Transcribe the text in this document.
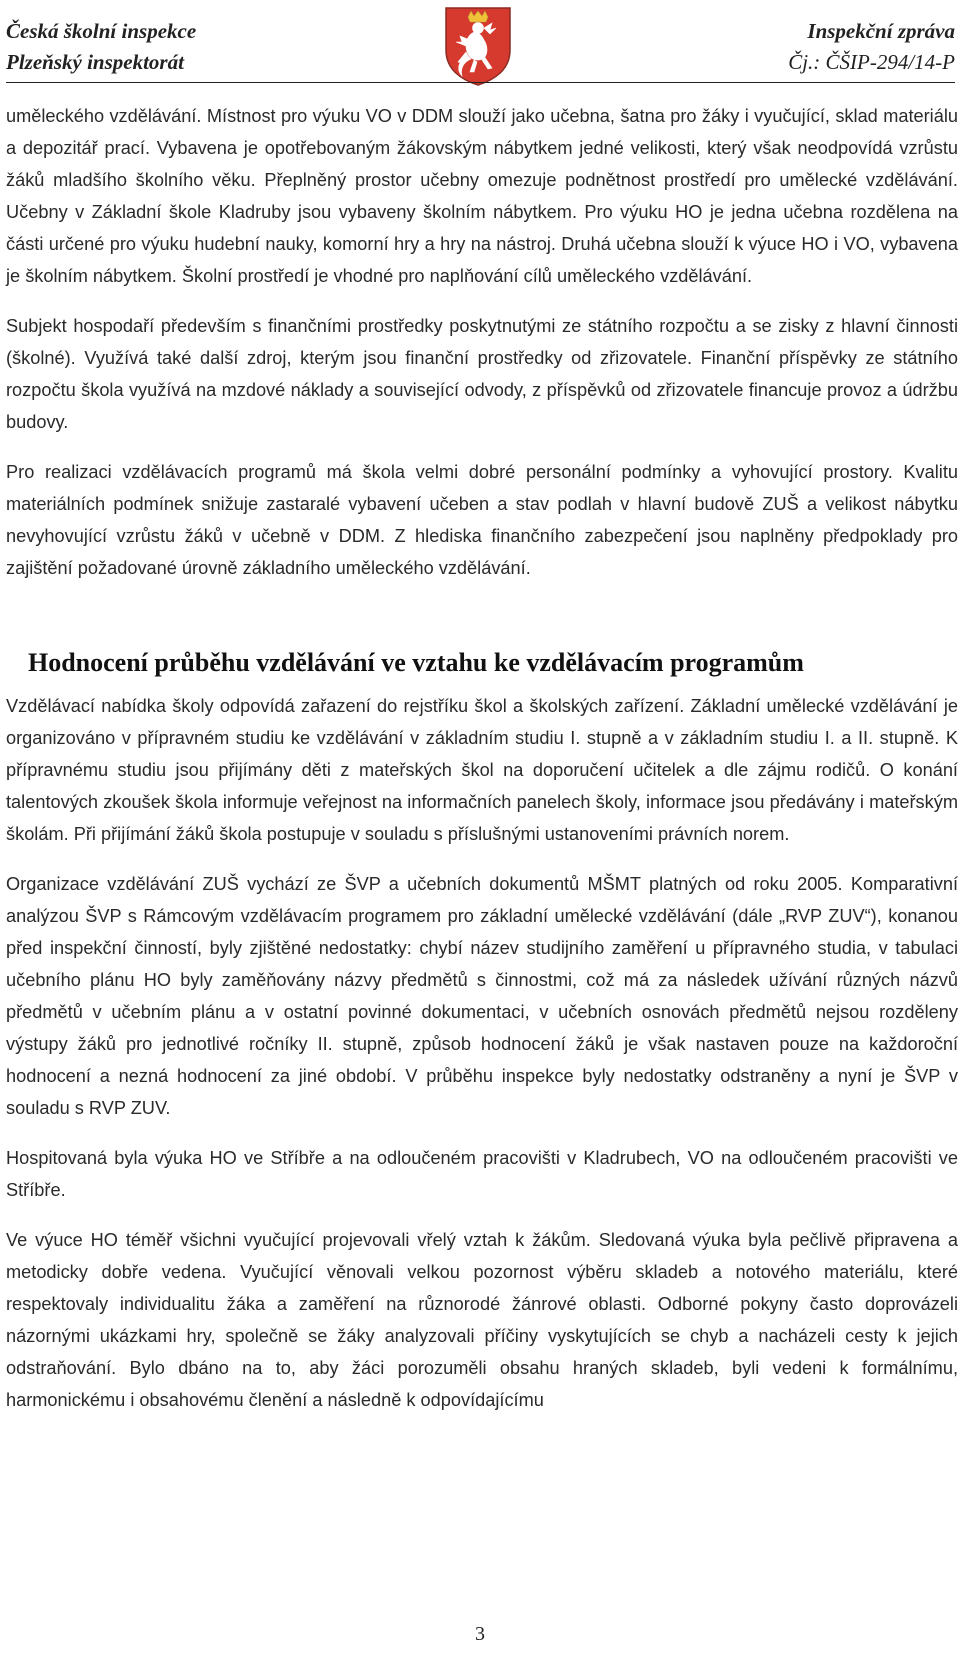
Česká školní inspekce
Plzeňský inspektorát
Inspekční zpráva
Čj.: ČŠIP-294/14-P

uměleckého vzdělávání. Místnost pro výuku VO v DDM slouží jako učebna, šatna pro žáky i vyučující, sklad materiálu a depozitář prací. Vybavena je opotřebovaným žákovským nábytkem jedné velikosti, který však neodpovídá vzrůstu žáků mladšího školního věku. Přeplněný prostor učebny omezuje podnětnost prostředí pro umělecké vzdělávání. Učebny v Základní škole Kladruby jsou vybaveny školním nábytkem. Pro výuku HO je jedna učebna rozdělena na části určené pro výuku hudební nauky, komorní hry a hry na nástroj. Druhá učebna slouží k výuce HO i VO, vybavena je školním nábytkem. Školní prostředí je vhodné pro naplňování cílů uměleckého vzdělávání.

Subjekt hospodaří především s finančními prostředky poskytnutými ze státního rozpočtu a se zisky z hlavní činnosti (školné). Využívá také další zdroj, kterým jsou finanční prostředky od zřizovatele. Finanční příspěvky ze státního rozpočtu škola využívá na mzdové náklady a související odvody, z příspěvků od zřizovatele financuje provoz a údržbu budovy.

Pro realizaci vzdělávacích programů má škola velmi dobré personální podmínky a vyhovující prostory. Kvalitu materiálních podmínek snižuje zastaralé vybavení učeben a stav podlah v hlavní budově ZUŠ a velikost nábytku nevyhovující vzrůstu žáků v učebně v DDM. Z hlediska finančního zabezpečení jsou naplněny předpoklady pro zajištění požadované úrovně základního uměleckého vzdělávání.

Hodnocení průběhu vzdělávání ve vztahu ke vzdělávacím programům

Vzdělávací nabídka školy odpovídá zařazení do rejstříku škol a školských zařízení. Základní umělecké vzdělávání je organizováno v přípravném studiu ke vzdělávání v základním studiu I. stupně a v základním studiu I. a II. stupně. K přípravnému studiu jsou přijímány děti z mateřských škol na doporučení učitelek a dle zájmu rodičů. O konání talentových zkoušek škola informuje veřejnost na informačních panelech školy, informace jsou předávány i mateřským školám. Při přijímání žáků škola postupuje v souladu s příslušnými ustanoveními právních norem.

Organizace vzdělávání ZUŠ vychází ze ŠVP a učebních dokumentů MŠMT platných od roku 2005. Komparativní analýzou ŠVP s Rámcovým vzdělávacím programem pro základní umělecké vzdělávání (dále „RVP ZUV“), konanou před inspekční činností, byly zjištěné nedostatky: chybí název studijního zaměření u přípravného studia, v tabulaci učebního plánu HO byly zaměňovány názvy předmětů s činnostmi, což má za následek užívání různých názvů předmětů v učebním plánu a v ostatní povinné dokumentaci, v učebních osnovách předmětů nejsou rozděleny výstupy žáků pro jednotlivé ročníky II. stupně, způsob hodnocení žáků je však nastaven pouze na každoroční hodnocení a nezná hodnocení za jiné období. V průběhu inspekce byly nedostatky odstraněny a nyní je ŠVP v souladu s RVP ZUV.

Hospitovaná byla výuka HO ve Stříbře a na odloučeném pracovišti v Kladrubech, VO na odloučeném pracovišti ve Stříbře.

Ve výuce HO téměř všichni vyučující projevovali vřelý vztah k žákům. Sledovaná výuka byla pečlivě připravena a metodicky dobře vedena. Vyučující věnovali velkou pozornost výběru skladeb a notového materiálu, které respektovaly individualitu žáka a zaměření na různorodé žánrové oblasti. Odborné pokyny často doprovázeli názornými ukázkami hry, společně se žáky analyzovali příčiny vyskytujících se chyb a nacházeli cesty k jejich odstraňování. Bylo dbáno na to, aby žáci porozuměli obsahu hraných skladeb, byli vedeni k formálnímu, harmonickému i obsahovému členění a následně k odpovídajícímu

3
